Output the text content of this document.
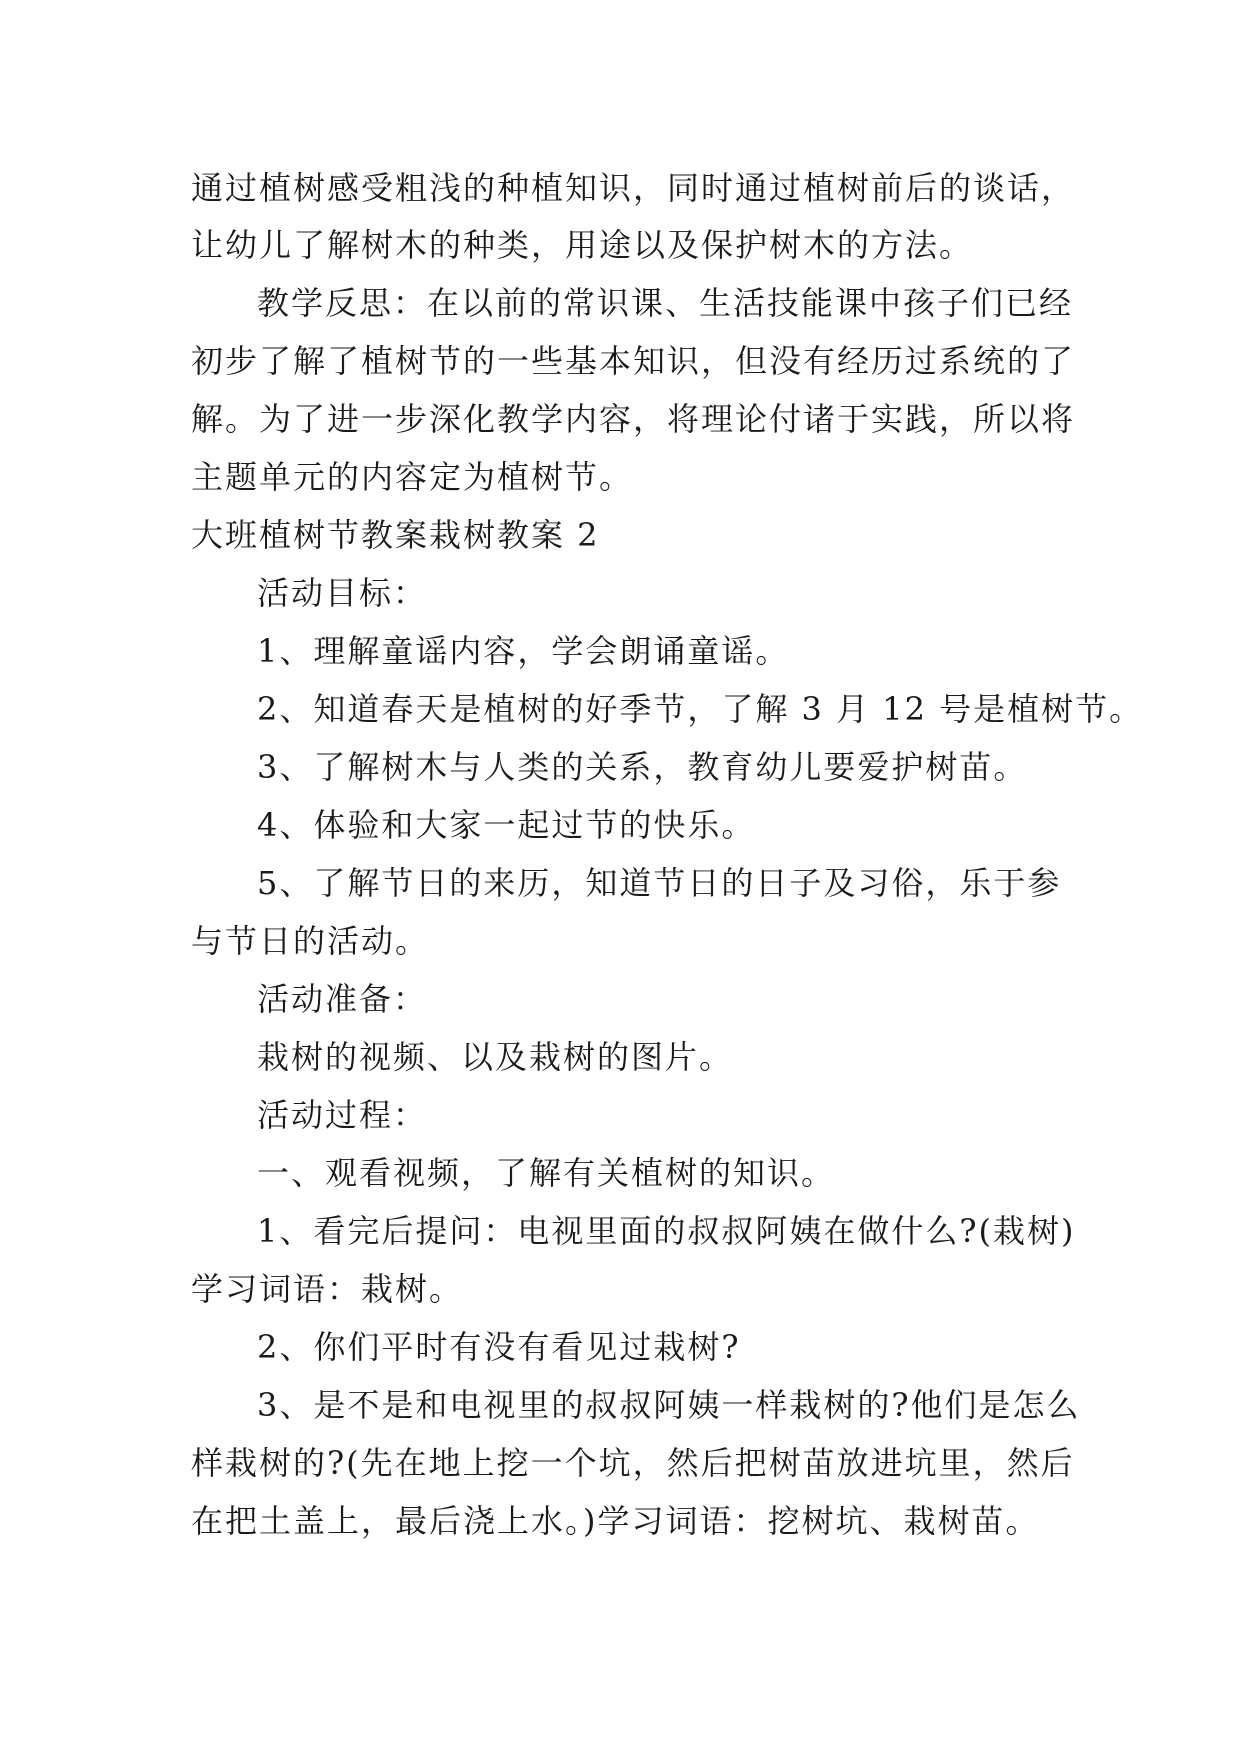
通过植树感受粗浅的种植知识，同时通过植树前后的谈话，
让幼儿了解树木的种类，用途以及保护树木的方法。
教学反思：在以前的常识课、生活技能课中孩子们已经
初步了解了植树节的一些基本知识，但没有经历过系统的了
解。为了进一步深化教学内容，将理论付诸于实践，所以将
主题单元的内容定为植树节。
大班植树节教案栽树教案 2
活动目标：
1、理解童谣内容，学会朗诵童谣。
2、知道春天是植树的好季节，了解 3 月 12 号是植树节。
3、了解树木与人类的关系，教育幼儿要爱护树苗。
4、体验和大家一起过节的快乐。
5、了解节日的来历，知道节日的日子及习俗，乐于参
与节日的活动。
活动准备：
栽树的视频、以及栽树的图片。
活动过程：
一、观看视频，了解有关植树的知识。
1、看完后提问：电视里面的叔叔阿姨在做什么?(栽树)
学习词语：栽树。
2、你们平时有没有看见过栽树?
3、是不是和电视里的叔叔阿姨一样栽树的?他们是怎么
样栽树的?(先在地上挖一个坑，然后把树苗放进坑里，然后
在把土盖上，最后浇上水。)学习词语：挖树坑、栽树苗。
